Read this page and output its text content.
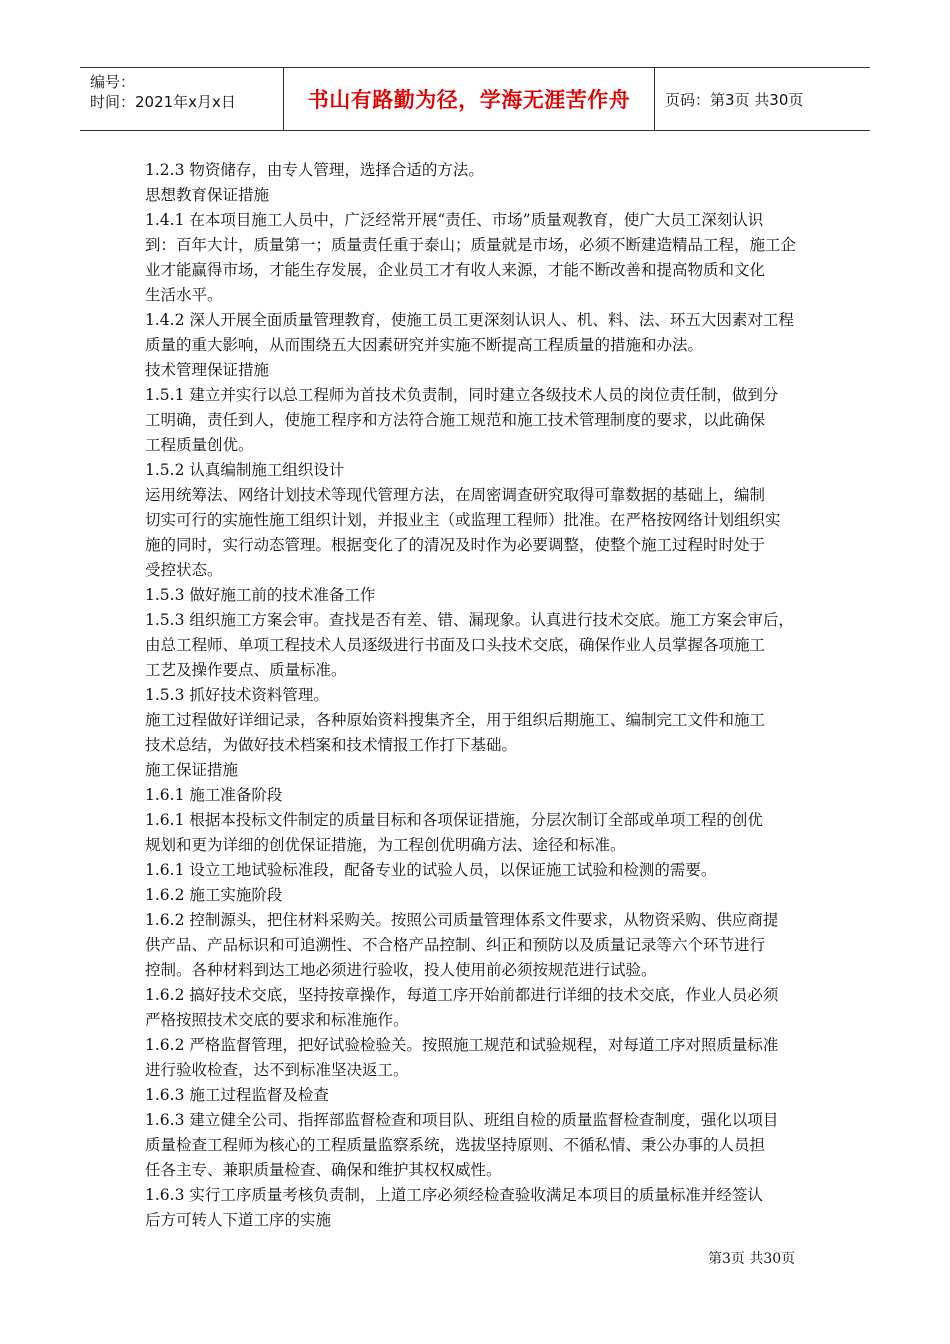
编号：
时间：2021年x月x日	书山有路勤为径，学海无涯苦作舟	页码：第3页 共30页
1.2.3 物资储存，由专人管理，选择合适的方法。
思想教育保证措施
1.4.1 在本项目施工人员中，广泛经常开展“责任、市场”质量观教育，使广大员工深刻认识
到：百年大计，质量第一；质量责任重于泰山；质量就是市场，必须不断建造精品工程，施工企
业才能赢得市场，才能生存发展，企业员工才有收人来源，才能不断改善和提高物质和文化
生活水平。
1.4.2 深人开展全面质量管理教育，使施工员工更深刻认识人、机、料、法、环五大因素对工程
质量的重大影响，从而围绕五大因素研究并实施不断提高工程质量的措施和办法。
技术管理保证措施
1.5.1 建立并实行以总工程师为首技术负责制，同时建立各级技术人员的岗位责任制，做到分
工明确，责任到人，使施工程序和方法符合施工规范和施工技术管理制度的要求，以此确保
工程质量创优。
1.5.2 认真编制施工组织设计
运用统筹法、网络计划技术等现代管理方法，在周密调查研究取得可靠数据的基础上，编制
切实可行的实施性施工组织计划，并报业主（或监理工程师）批准。在严格按网络计划组织实
施的同时，实行动态管理。根据变化了的清况及时作为必要调整，使整个施工过程时时处于
受控状态。
1.5.3 做好施工前的技术准备工作
1.5.3 组织施工方案会审。查找是否有差、错、漏现象。认真进行技术交底。施工方案会审后，
由总工程师、单项工程技术人员逐级进行书面及口头技术交底，确保作业人员掌握各项施工
工艺及操作要点、质量标准。
1.5.3 抓好技术资料管理。
施工过程做好详细记录，各种原始资料搜集齐全，用于组织后期施工、编制完工文件和施工
技术总结，为做好技术档案和技术情报工作打下基础。
施工保证措施
1.6.1 施工准备阶段
1.6.1 根据本投标文件制定的质量目标和各项保证措施，分层次制订全部或单项工程的创优
规划和更为详细的创优保证措施，为工程创优明确方法、途径和标准。
1.6.1 设立工地试验标准段，配备专业的试验人员，以保证施工试验和检测的需要。
1.6.2 施工实施阶段
1.6.2 控制源头，把住材料采购关。按照公司质量管理体系文件要求，从物资采购、供应商提
供产品、产品标识和可追溯性、不合格产品控制、纠正和预防以及质量记录等六个环节进行
控制。各种材料到达工地必须进行验收，投人使用前必须按规范进行试验。
1.6.2 搞好技术交底，坚持按章操作，每道工序开始前都进行详细的技术交底，作业人员必须
严格按照技术交底的要求和标准施作。
1.6.2 严格监督管理，把好试验检验关。按照施工规范和试验规程，对每道工序对照质量标准
进行验收检查，达不到标准坚决返工。
1.6.3 施工过程监督及检查
1.6.3 建立健全公司、指挥部监督检查和项目队、班组自检的质量监督检查制度，强化以项目
质量检查工程师为核心的工程质量监察系统，选拔坚持原则、不循私情、秉公办事的人员担
任各主专、兼职质量检查、确保和维护其权权威性。
1.6.3 实行工序质量考核负责制，上道工序必须经检查验收满足本项目的质量标准并经签认
后方可转人下道工序的实施
第3页 共30页
